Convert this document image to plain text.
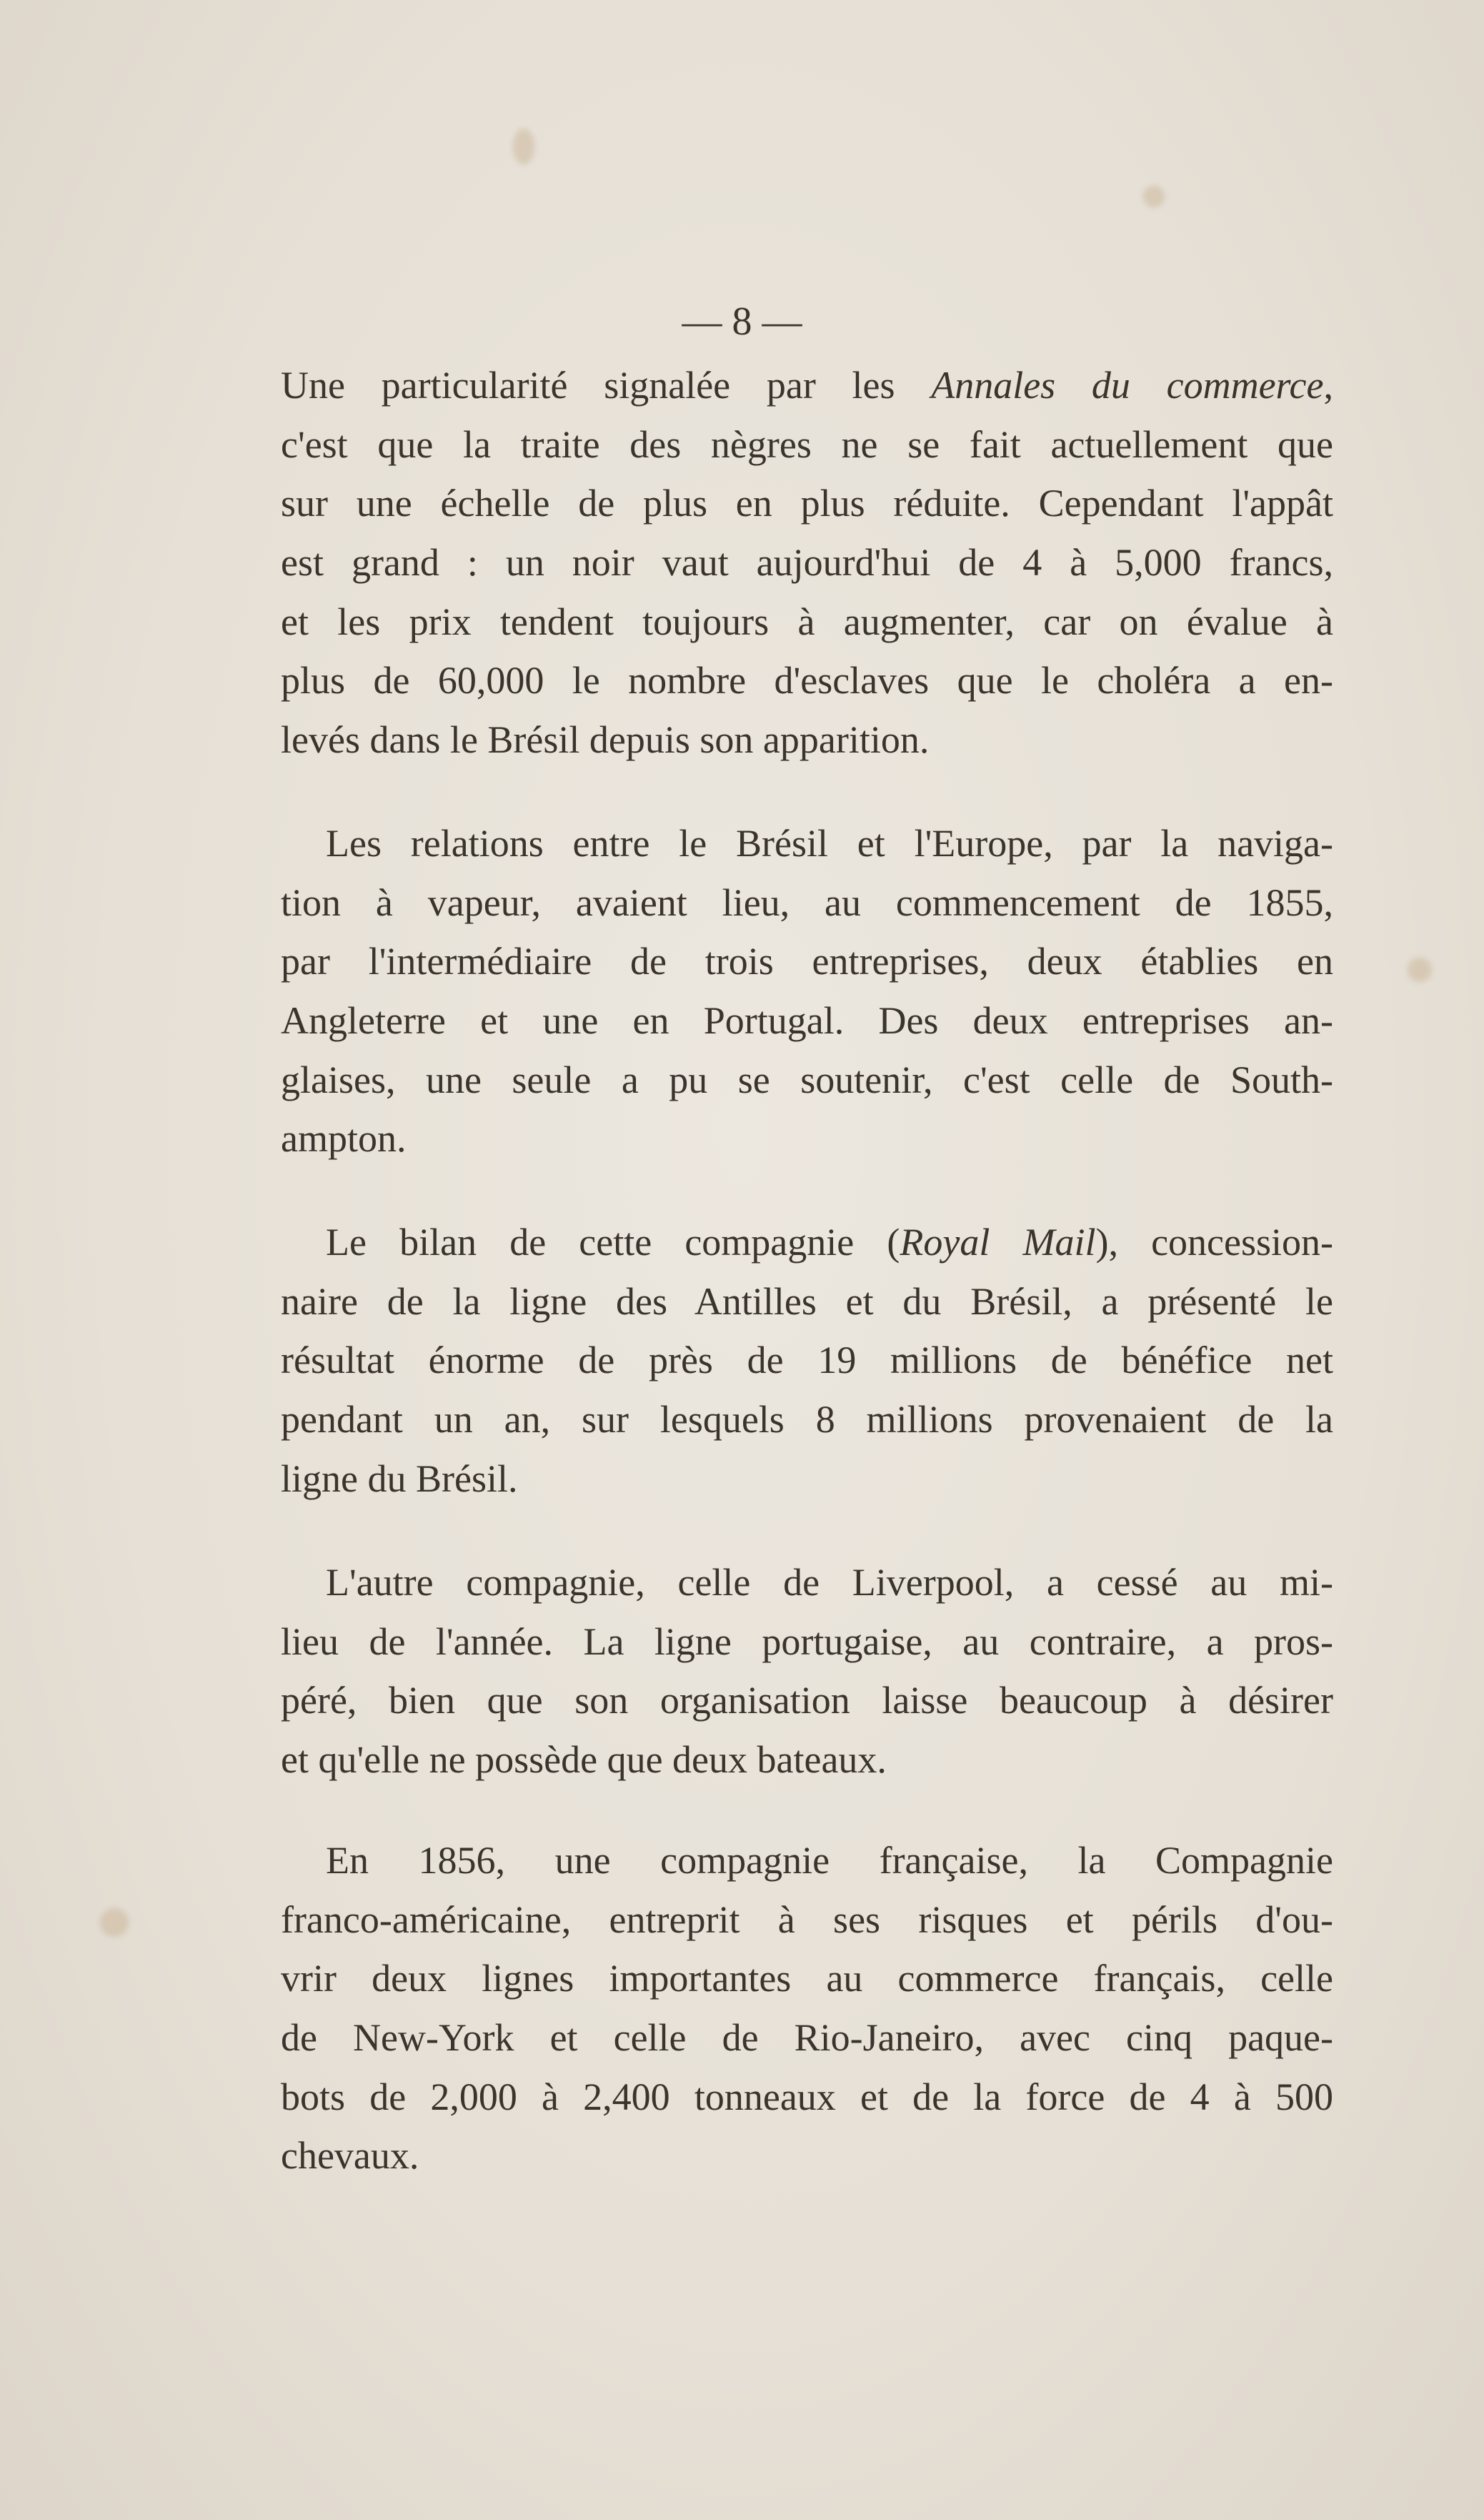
— 8 —
Une particularité signalée par les Annales du commerce,
c'est que la traite des nègres ne se fait actuellement que
sur une échelle de plus en plus réduite. Cependant l'appât
est grand : un noir vaut aujourd'hui de 4 à 5,000 francs,
et les prix tendent toujours à augmenter, car on évalue à
plus de 60,000 le nombre d'esclaves que le choléra a en-
levés dans le Brésil depuis son apparition.
Les relations entre le Brésil et l'Europe, par la naviga-
tion à vapeur, avaient lieu, au commencement de 1855,
par l'intermédiaire de trois entreprises, deux établies en
Angleterre et une en Portugal. Des deux entreprises an-
glaises, une seule a pu se soutenir, c'est celle de South-
ampton.
Le bilan de cette compagnie (Royal Mail), concession-
naire de la ligne des Antilles et du Brésil, a présenté le
résultat énorme de près de 19 millions de bénéfice net
pendant un an, sur lesquels 8 millions provenaient de la
ligne du Brésil.
L'autre compagnie, celle de Liverpool, a cessé au mi-
lieu de l'année. La ligne portugaise, au contraire, a pros-
péré, bien que son organisation laisse beaucoup à désirer
et qu'elle ne possède que deux bateaux.
En 1856, une compagnie française, la Compagnie
franco-américaine, entreprit à ses risques et périls d'ou-
vrir deux lignes importantes au commerce français, celle
de New-York et celle de Rio-Janeiro, avec cinq paque-
bots de 2,000 à 2,400 tonneaux et de la force de 4 à 500
chevaux.
